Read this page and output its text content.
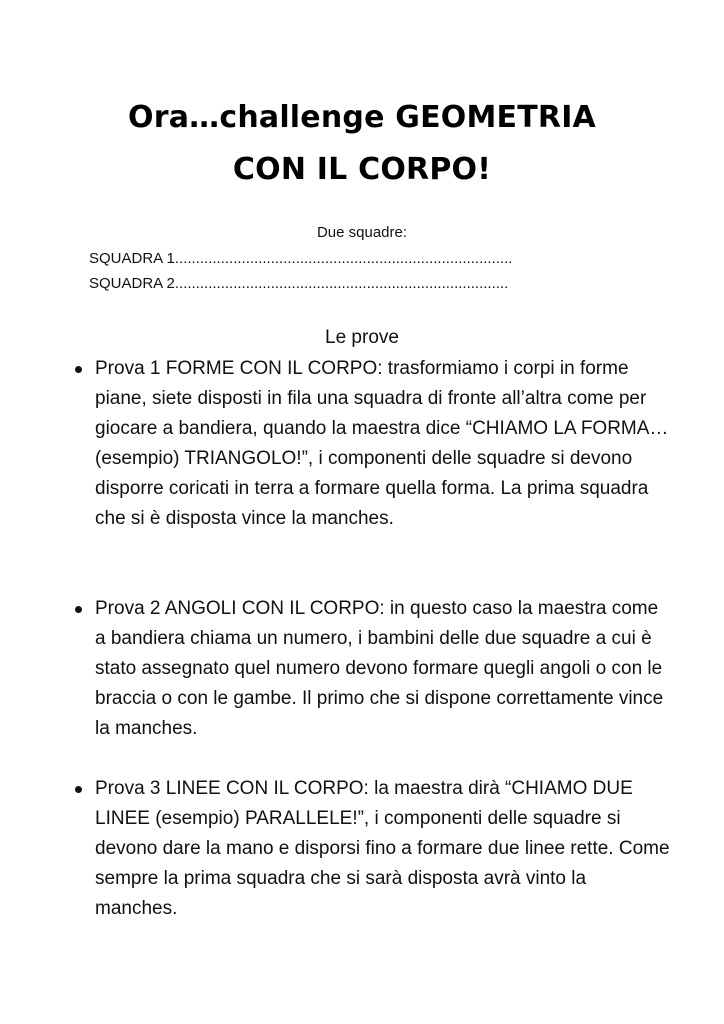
Ora…challenge GEOMETRIA
CON IL CORPO!
Due squadre:
SQUADRA 1.................................................................................
SQUADRA 2................................................................................
Le prove
Prova 1 FORME CON IL CORPO: trasformiamo i corpi in forme piane, siete disposti in fila una squadra di fronte all’altra come per giocare a bandiera, quando la maestra dice “CHIAMO LA FORMA…(esempio) TRIANGOLO!”, i componenti delle squadre si devono disporre coricati in terra a formare quella forma. La prima squadra che si è disposta vince la manches.
Prova 2 ANGOLI CON IL CORPO: in questo caso la maestra come a bandiera chiama un numero, i bambini delle due squadre a cui è stato assegnato quel numero devono formare quegli angoli o con le braccia o con le gambe. Il primo che si dispone correttamente vince la manches.
Prova 3 LINEE CON IL CORPO: la maestra dirà “CHIAMO DUE LINEE (esempio) PARALLELE!”, i componenti delle squadre si devono dare la mano e disporsi fino a formare due linee rette. Come sempre la prima squadra che si sarà disposta avrà vinto la manches.
